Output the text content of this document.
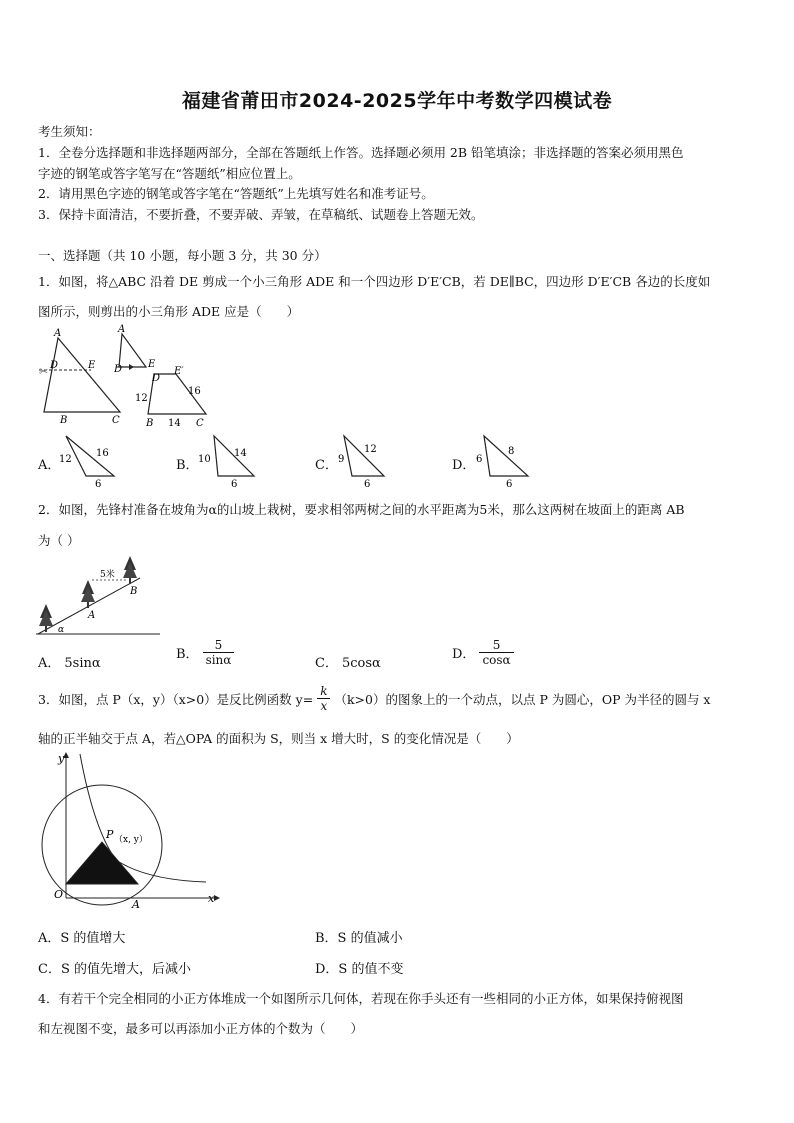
福建省莆田市2024-2025学年中考数学四模试卷
考生须知：
1．全卷分选择题和非选择题两部分，全部在答题纸上作答。选择题必须用 2B 铅笔填涂；非选择题的答案必须用黑色
字迹的钢笔或答字笔写在“答题纸”相应位置上。
2．请用黑色字迹的钢笔或答字笔在“答题纸”上先填写姓名和准考证号。
3．保持卡面清洁，不要折叠，不要弄破、弄皱，在草稿纸、试题卷上答题无效。
一、选择题（共 10 小题，每小题 3 分，共 30 分）
1．如图，将△ABC 沿着 DE 剪成一个小三角形 ADE 和一个四边形 D′E′CB，若 DE∥BC，四边形 D′E′CB 各边的长度如
图所示，则剪出的小三角形 ADE 应是（　　）
✂
A
D	E
B	C
A
D	E
D
E′
12
16
14
B	C
A．
12
16
6
B． 10
14
6
C． 9
12
6
D． 6
8
6
2．如图，先锋村准备在坡角为α的山坡上栽树，要求相邻两树之间的水平距离为5米，那么这两树在坡面上的距离 AB
为（ ）
5米
A
B
α
A． 5sinα
B． $\frac{5}{\sin\alpha}$	C． 5cosα
D． $\frac{5}{\cos\alpha}$
3．如图，点 P（x，y）（x>0）是反比例函数 $y= \frac{k}{x} (k>0)$的图象上的一个动点，以点 P 为圆心，OP 为半径的圆与 x
轴的正半轴交于点 A，若△OPA 的面积为 S，则当 x 增大时，S 的变化情况是（　　）
y
x
O
A
P （x, y）
A．S 的值增大	B．S 的值减小
C．S 的值先增大，后减小	D．S 的值不变
4．有若干个完全相同的小正方体堆成一个如图所示几何体，若现在你手头还有一些相同的小正方体，如果保持俯视图
和左视图不变，最多可以再添加小正方体的个数为（　　）
